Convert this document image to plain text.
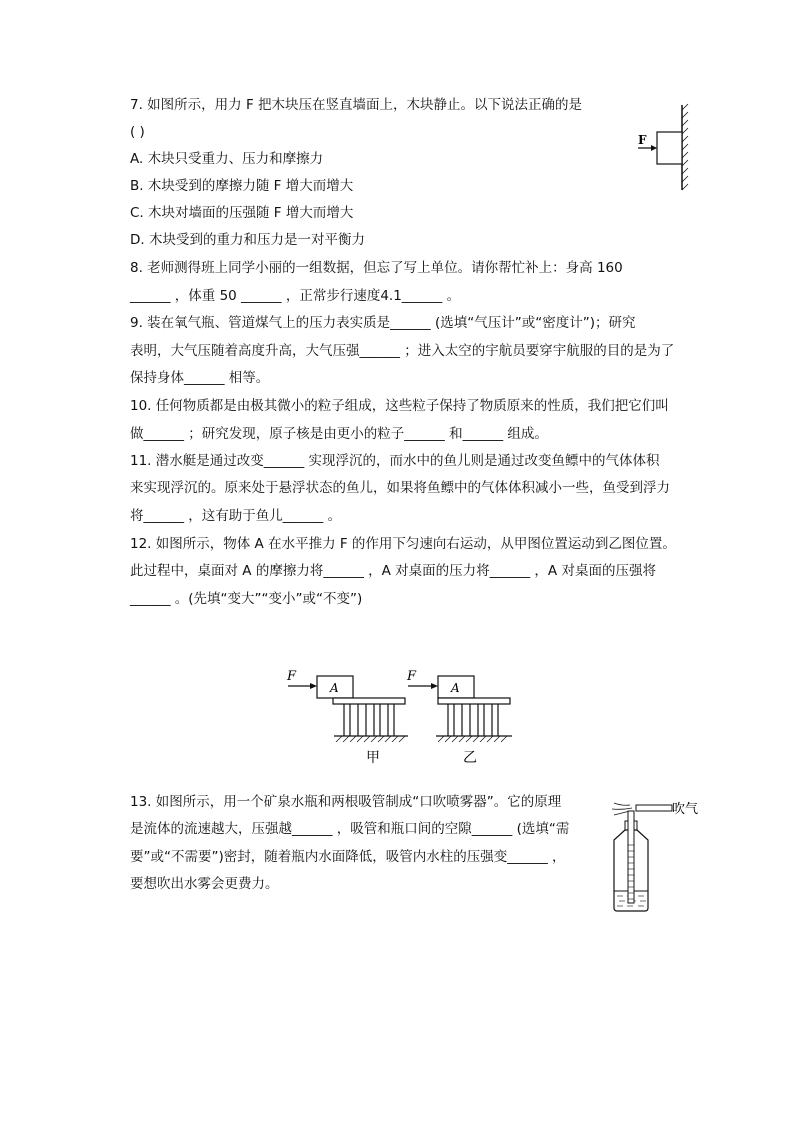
7. 如图所示，用力 F 把木块压在竖直墙面上，木块静止。以下说法正确的是
( )
A. 木块只受重力、压力和摩擦力
B. 木块受到的摩擦力随 F 增大而增大
C. 木块对墙面的压强随 F 增大而增大
D. 木块受到的重力和压力是一对平衡力
F
8. 老师测得班上同学小丽的一组数据，但忘了写上单位。请你帮忙补上：身高 160
______ ，体重 50 ______ ，正常步行速度4.1______ 。
9. 装在氧气瓶、管道煤气上的压力表实质是______ (选填“气压计”或“密度计”)；研究
表明，大气压随着高度升高，大气压强______ ；进入太空的宇航员要穿宇航服的目的是为了
保持身体______ 相等。
10. 任何物质都是由极其微小的粒子组成，这些粒子保持了物质原来的性质，我们把它们叫
做______ ；研究发现，原子核是由更小的粒子______ 和______ 组成。
11. 潜水艇是通过改变______ 实现浮沉的，而水中的鱼儿则是通过改变鱼鳔中的气体体积
来实现浮沉的。原来处于悬浮状态的鱼儿，如果将鱼鳔中的气体体积减小一些，鱼受到浮力
将______ ，这有助于鱼儿______ 。
12. 如图所示，物体 A 在水平推力 F 的作用下匀速向右运动，从甲图位置运动到乙图位置。
此过程中，桌面对 A 的摩擦力将______ ，A 对桌面的压力将______ ，A 对桌面的压强将
______ 。(先填“变大”“变小”或“不变”)
F
A
甲
F
A
乙
13. 如图所示，用一个矿泉水瓶和两根吸管制成“口吹喷雾器”。它的原理
是流体的流速越大，压强越______ ，吸管和瓶口间的空隙______ (选填“需
要”或“不需要”)密封，随着瓶内水面降低，吸管内水柱的压强变______ ，
要想吹出水雾会更费力。
吹气
